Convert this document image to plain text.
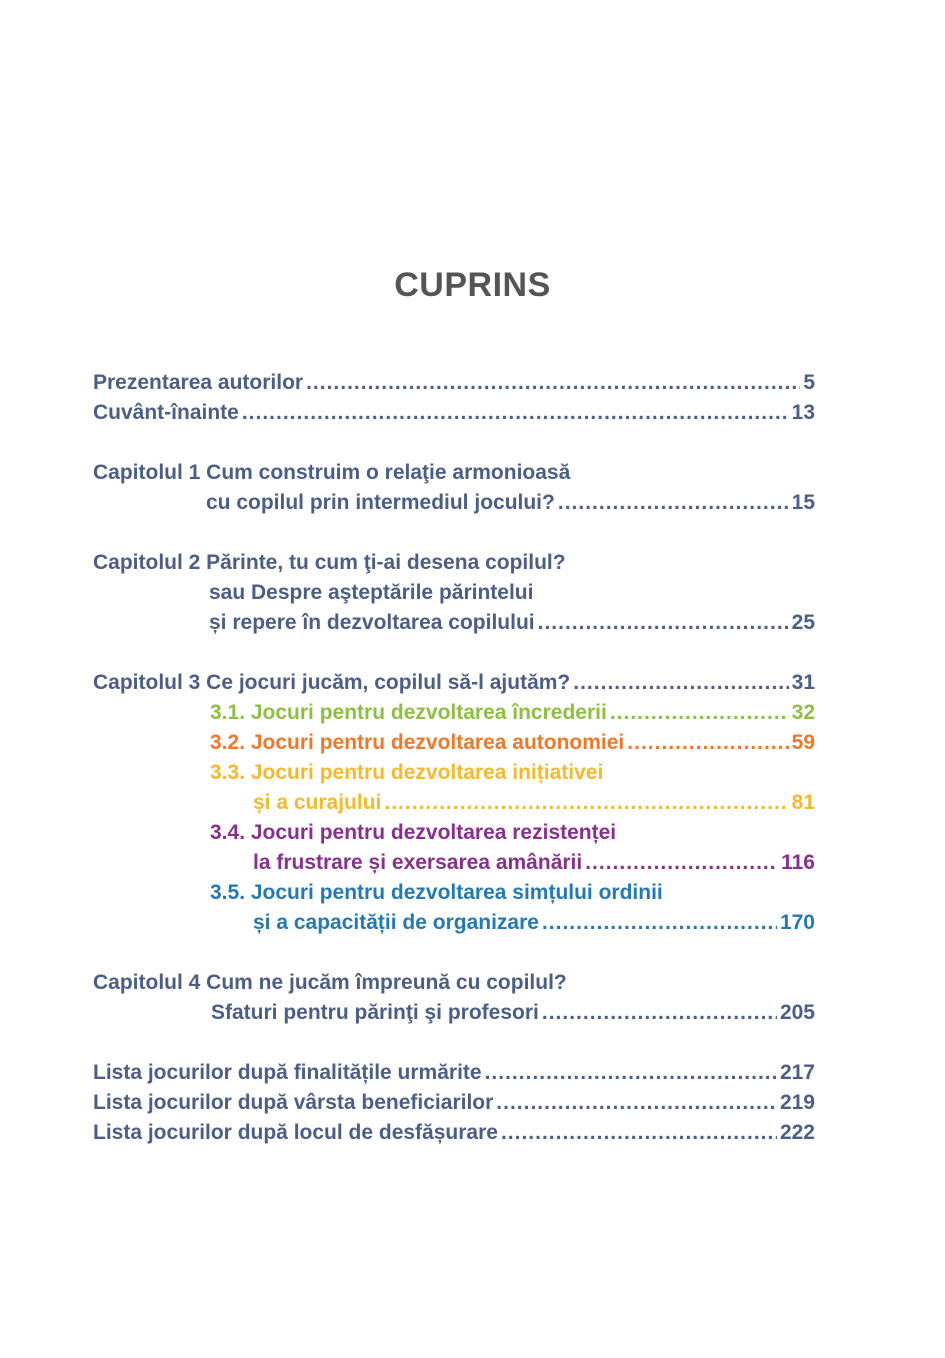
CUPRINS
Prezentarea autorilor .....	5
Cuvânt-înainte .....	13
Capitolul 1 Cum construim o relaţie armonioasă
cu copilul prin intermediul jocului? .....	15
Capitolul 2 Părinte, tu cum ţi-ai desena copilul?
sau Despre aşteptările părintelui
și repere în dezvoltarea copilului .....	25
Capitolul 3 Ce jocuri jucăm, copilul să-l ajutăm? .....	31
3.1. Jocuri pentru dezvoltarea încrederii .....	32
3.2. Jocuri pentru dezvoltarea autonomiei .....	59
3.3. Jocuri pentru dezvoltarea inițiativei
și a curajului .....	81
3.4. Jocuri pentru dezvoltarea rezistenței
la frustrare și exersarea amânării .....	116
3.5. Jocuri pentru dezvoltarea simțului ordinii
și a capacității de organizare .....	170
Capitolul 4 Cum ne jucăm împreună cu copilul?
Sfaturi pentru părinţi şi profesori .....	205
Lista jocurilor după finalitățile urmărite .....	217
Lista jocurilor după vârsta beneficiarilor .....	219
Lista jocurilor după locul de desfășurare .....	222
